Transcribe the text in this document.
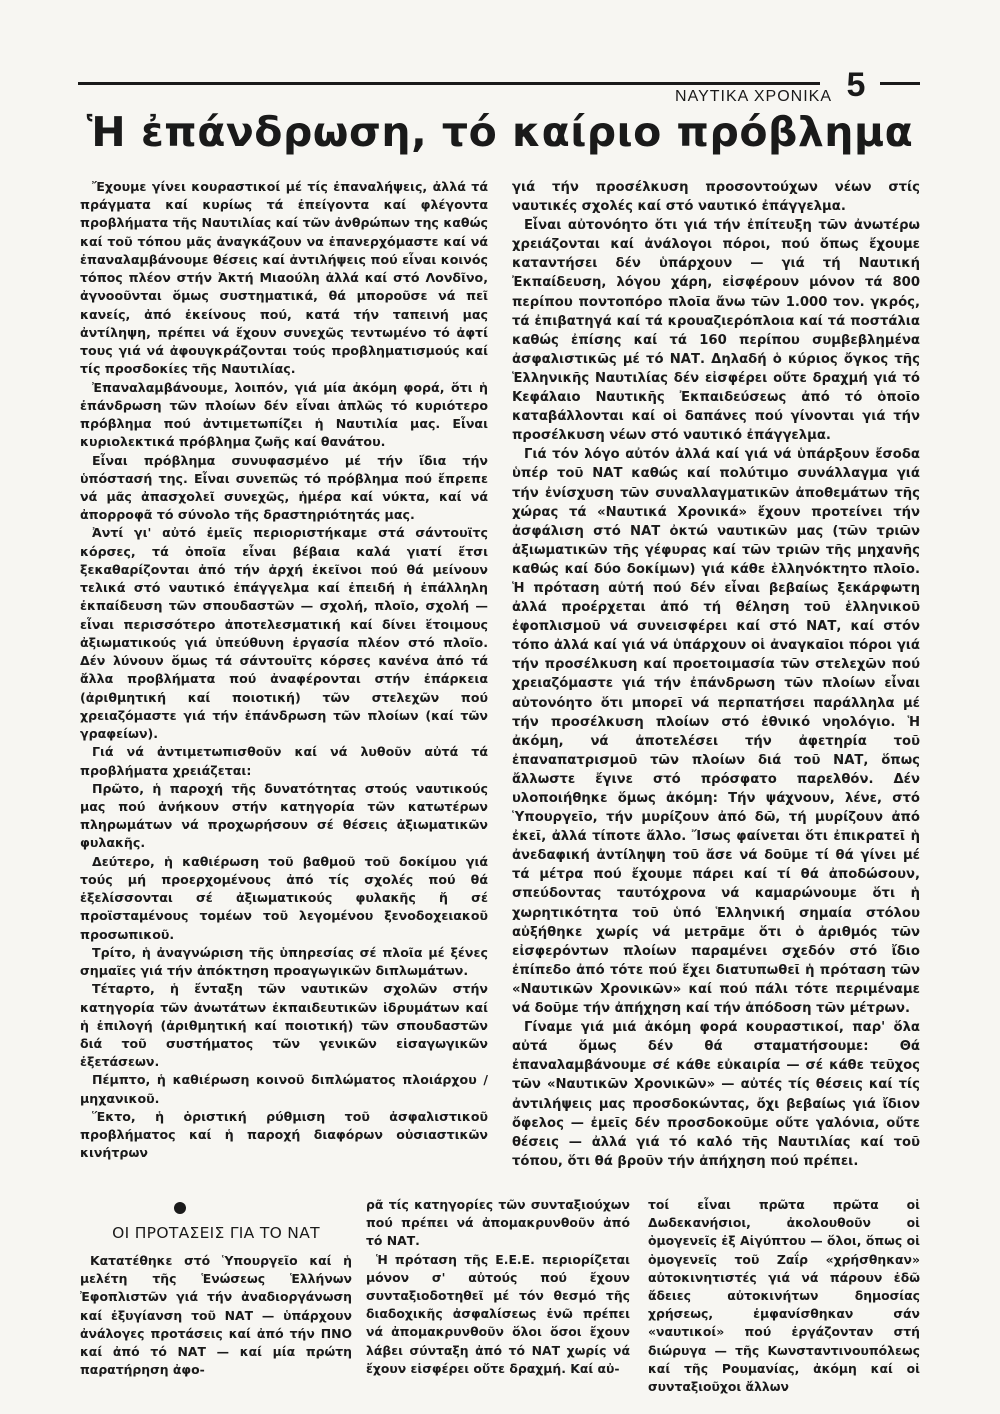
ΝΑΥΤΙΚΑ ΧΡΟΝΙΚΑ 5
Ἡ ἐπάνδρωση, τό καίριο πρόβλημα

Ἔχουμε γίνει κουραστικοί μέ τίς ἐπαναλήψεις, ἀλλά τά πράγματα καί κυρίως τά ἐπείγοντα καί φλέγοντα προβλήματα τῆς Ναυτιλίας καί τῶν ἀνθρώπων της καθώς καί τοῦ τόπου μᾶς ἀναγκάζουν να ἐπανερχόμαστε καί νά ἐπαναλαμβάνουμε θέσεις καί ἀντιλήψεις πού εἶναι κοινός τόπος πλέον στήν Ἀκτή Μιαούλη ἀλλά καί στό Λονδῖνο, ἀγνοοῦνται ὅμως συστηματικά, θά μποροῦσε νά πεῖ κανείς, ἀπό ἐκείνους πού, κατά τήν ταπεινή μας ἀντίληψη, πρέπει νά ἔχουν συνεχῶς τεντωμένο τό ἀφτί τους γιά νά ἀφουγκράζονται τούς προβληματισμούς καί τίς προσδοκίες τῆς Ναυτιλίας.

Ἐπαναλαμβάνουμε, λοιπόν, γιά μία ἀκόμη φορά, ὅτι ἡ ἐπάνδρωση τῶν πλοίων δέν εἶναι ἁπλῶς τό κυριότερο πρόβλημα πού ἀντιμετωπίζει ἡ Ναυτιλία μας. Εἶναι κυριολεκτικά πρόβλημα ζωῆς καί θανάτου.

Εἶναι πρόβλημα συνυφασμένο μέ τήν ἴδια τήν ὑπόστασή της. Εἶναι συνεπῶς τό πρόβλημα πού ἔπρεπε νά μᾶς ἀπασχολεῖ συνεχῶς, ἡμέρα καί νύκτα, καί νά ἀπορροφᾶ τό σύνολο τῆς δραστηριότητάς μας.

Ἀντί γι' αὐτό ἐμεῖς περιοριστήκαμε στά σάντουϊτς κόρσες, τά ὁποῖα εἶναι βέβαια καλά γιατί ἔτσι ξεκαθαρίζονται ἀπό τήν ἀρχή ἐκεῖνοι πού θά μείνουν τελικά στό ναυτικό ἐπάγγελμα καί ἐπειδή ἡ ἐπάλληλη ἐκπαίδευση τῶν σπουδαστῶν — σχολή, πλοῖο, σχολή — εἶναι περισσότερο ἀποτελεσματική καί δίνει ἕτοιμους ἀξιωματικούς γιά ὑπεύθυνη ἐργασία πλέον στό πλοῖο. Δέν λύνουν ὅμως τά σάντουϊτς κόρσες κανένα ἀπό τά ἄλλα προβλήματα πού ἀναφέρονται στήν ἐπάρκεια (ἀριθμητική καί ποιοτική) τῶν στελεχῶν πού χρειαζόμαστε γιά τήν ἐπάνδρωση τῶν πλοίων (καί τῶν γραφείων).

Γιά νά ἀντιμετωπισθοῦν καί νά λυθοῦν αὐτά τά προβλήματα χρειάζεται:

Πρῶτο, ἡ παροχή τῆς δυνατότητας στούς ναυτικούς μας πού ἀνήκουν στήν κατηγορία τῶν κατωτέρων πληρωμάτων νά προχωρήσουν σέ θέσεις ἀξιωματικῶν φυλακῆς.

Δεύτερο, ἡ καθιέρωση τοῦ βαθμοῦ τοῦ δοκίμου γιά τούς μή προερχομένους ἀπό τίς σχολές πού θά ἐξελίσσονται σέ ἀξιωματικούς φυλακῆς ἤ σέ προϊσταμένους τομέων τοῦ λεγομένου ξενοδοχειακοῦ προσωπικοῦ.

Τρίτο, ἡ ἀναγνώριση τῆς ὑπηρεσίας σέ πλοῖα μέ ξένες σημαῖες γιά τήν ἀπόκτηση προαγωγικῶν διπλωμάτων.

Τέταρτο, ἡ ἔνταξη τῶν ναυτικῶν σχολῶν στήν κατηγορία τῶν ἀνωτάτων ἐκπαιδευτικῶν ἱδρυμάτων καί ἡ ἐπιλογή (ἀριθμητική καί ποιοτική) τῶν σπουδαστῶν διά τοῦ συστήματος τῶν γενικῶν εἰσαγωγικῶν ἐξετάσεων.

Πέμπτο, ἡ καθιέρωση κοινοῦ διπλώματος πλοιάρχου / μηχανικοῦ.

Ἕκτο, ἡ ὁριστική ρύθμιση τοῦ ἀσφαλιστικοῦ προβλήματος καί ἡ παροχή διαφόρων οὐσιαστικῶν κινήτρων

γιά τήν προσέλκυση προσοντούχων νέων στίς ναυτικές σχολές καί στό ναυτικό ἐπάγγελμα.

Εἶναι αὐτονόητο ὅτι γιά τήν ἐπίτευξη τῶν ἀνωτέρω χρειάζονται καί ἀνάλογοι πόροι, πού ὅπως ἔχουμε καταντήσει δέν ὑπάρχουν — γιά τή Ναυτική Ἐκπαίδευση, λόγου χάρη, εἰσφέρουν μόνον τά 800 περίπου ποντοπόρο πλοῖα ἄνω τῶν 1.000 τον. γκρός, τά ἐπιβατηγά καί τά κρουαζιερόπλοια καί τά ποστάλια καθώς ἐπίσης καί τά 160 περίπου συμβεβλημένα ἀσφαλιστικῶς μέ τό ΝΑΤ. Δηλαδή ὁ κύριος ὄγκος τῆς Ἑλληνικῆς Ναυτιλίας δέν εἰσφέρει οὔτε δραχμή γιά τό Κεφάλαιο Ναυτικῆς Ἐκπαιδεύσεως ἀπό τό ὁποῖο καταβάλλονται καί οἱ δαπάνες πού γίνονται γιά τήν προσέλκυση νέων στό ναυτικό ἐπάγγελμα.

Γιά τόν λόγο αὐτόν ἀλλά καί γιά νά ὑπάρξουν ἔσοδα ὑπέρ τοῦ ΝΑΤ καθώς καί πολύτιμο συνάλλαγμα γιά τήν ἐνίσχυση τῶν συναλλαγματικῶν ἀποθεμάτων τῆς χώρας τά «Ναυτικά Χρονικά» ἔχουν προτείνει τήν ἀσφάλιση στό ΝΑΤ ὀκτώ ναυτικῶν μας (τῶν τριῶν ἀξιωματικῶν τῆς γέφυρας καί τῶν τριῶν τῆς μηχανῆς καθώς καί δύο δοκίμων) γιά κάθε ἑλληνόκτητο πλοῖο. Ἡ πρόταση αὐτή πού δέν εἶναι βεβαίως ξεκάρφωτη ἀλλά προέρχεται ἀπό τή θέληση τοῦ ἑλληνικοῦ ἐφοπλισμοῦ νά συνεισφέρει καί στό ΝΑΤ, καί στόν τόπο ἀλλά καί γιά νά ὑπάρχουν οἱ ἀναγκαῖοι πόροι γιά τήν προσέλκυση καί προετοιμασία τῶν στελεχῶν πού χρειαζόμαστε γιά τήν ἐπάνδρωση τῶν πλοίων εἶναι αὐτονόητο ὅτι μπορεῖ νά περπατήσει παράλληλα μέ τήν προσέλκυση πλοίων στό ἐθνικό νηολόγιο. Ἡ ἀκόμη, νά ἀποτελέσει τήν ἀφετηρία τοῦ ἐπαναπατρισμοῦ τῶν πλοίων διά τοῦ ΝΑΤ, ὅπως ἄλλωστε ἔγινε στό πρόσφατο παρελθόν. Δέν υλοποιήθηκε ὅμως ἀκόμη: Τήν ψάχνουν, λένε, στό Ὑπουργεῖο, τήν μυρίζουν ἀπό δῶ, τή μυρίζουν ἀπό ἐκεῖ, ἀλλά τίποτε ἄλλο. Ἴσως φαίνεται ὅτι ἐπικρατεῖ ἡ ἀνεδαφική ἀντίληψη τοῦ ἄσε νά δοῦμε τί θά γίνει μέ τά μέτρα πού ἔχουμε πάρει καί τί θά ἀποδώσουν, σπεύδοντας ταυτόχρονα νά καμαρώνουμε ὅτι ἡ χωρητικότητα τοῦ ὑπό Ἑλληνική σημαία στόλου αὐξήθηκε χωρίς νά μετρᾶμε ὅτι ὁ ἀριθμός τῶν εἰσφερόντων πλοίων παραμένει σχεδόν στό ἴδιο ἐπίπεδο ἀπό τότε πού ἔχει διατυπωθεῖ ἡ πρόταση τῶν «Ναυτικῶν Χρονικῶν» καί πού πάλι τότε περιμέναμε νά δοῦμε τήν ἀπήχηση καί τήν ἀπόδοση τῶν μέτρων.

Γίναμε γιά μιά ἀκόμη φορά κουραστικοί, παρ' ὅλα αὐτά ὅμως δέν θά σταματήσουμε: Θά ἐπαναλαμβάνουμε σέ κάθε εὐκαιρία — σέ κάθε τεῦχος τῶν «Ναυτικῶν Χρονικῶν» — αὐτές τίς θέσεις καί τίς ἀντιλήψεις μας προσδοκώντας, ὄχι βεβαίως γιά ἴδιον ὄφελος — ἐμεῖς δέν προσδοκοῦμε οὔτε γαλόνια, οὔτε θέσεις — ἀλλά γιά τό καλό τῆς Ναυτιλίας καί τοῦ τόπου, ὅτι θά βροῦν τήν ἀπήχηση πού πρέπει.

ΟΙ ΠΡΟΤΑΣΕΙΣ ΓΙΑ ΤΟ ΝΑΤ

Κατατέθηκε στό Ὑπουργεῖο καί ἡ μελέτη τῆς Ἑνώσεως Ἑλλήνων Ἐφοπλιστῶν γιά τήν ἀναδιοργάνωση καί ἐξυγίανση τοῦ ΝΑΤ — ὑπάρχουν ἀνάλογες προτάσεις καί ἀπό τήν ΠΝΟ καί ἀπό τό ΝΑΤ — καί μία πρώτη παρατήρηση ἀφο-

ρᾶ τίς κατηγορίες τῶν συνταξιούχων πού πρέπει νά ἀπομακρυνθοῦν ἀπό τό ΝΑΤ.

Ἡ πρόταση τῆς Ε.Ε.Ε. περιορίζεται μόνον σ' αὐτούς πού ἔχουν συνταξιοδοτηθεῖ μέ τόν θεσμό τῆς διαδοχικῆς ἀσφαλίσεως ἐνῶ πρέπει νά ἀπομακρυνθοῦν ὅλοι ὅσοι ἔχουν λάβει σύνταξη ἀπό τό ΝΑΤ χωρίς νά ἔχουν εἰσφέρει οὔτε δραχμή. Καί αὐ-

τοί εἶναι πρῶτα πρῶτα οἱ Δωδεκανήσιοι, ἀκολουθοῦν οἱ ὁμογενεῖς ἐξ Αἰγύπτου — ὅλοι, ὅπως οἱ ὁμογενεῖς τοῦ Ζαΐρ «χρήσθηκαν» αὐτοκινητιστές γιά νά πάρουν ἐδῶ ἄδειες αὐτοκινήτων δημοσίας χρήσεως, ἐμφανίσθηκαν σάν «ναυτικοί» πού ἐργάζονταν στή διώρυγα — τῆς Κωνσταντινουπόλεως καί τῆς Ρουμανίας, ἀκόμη καί οἱ συνταξιοῦχοι ἄλλων
